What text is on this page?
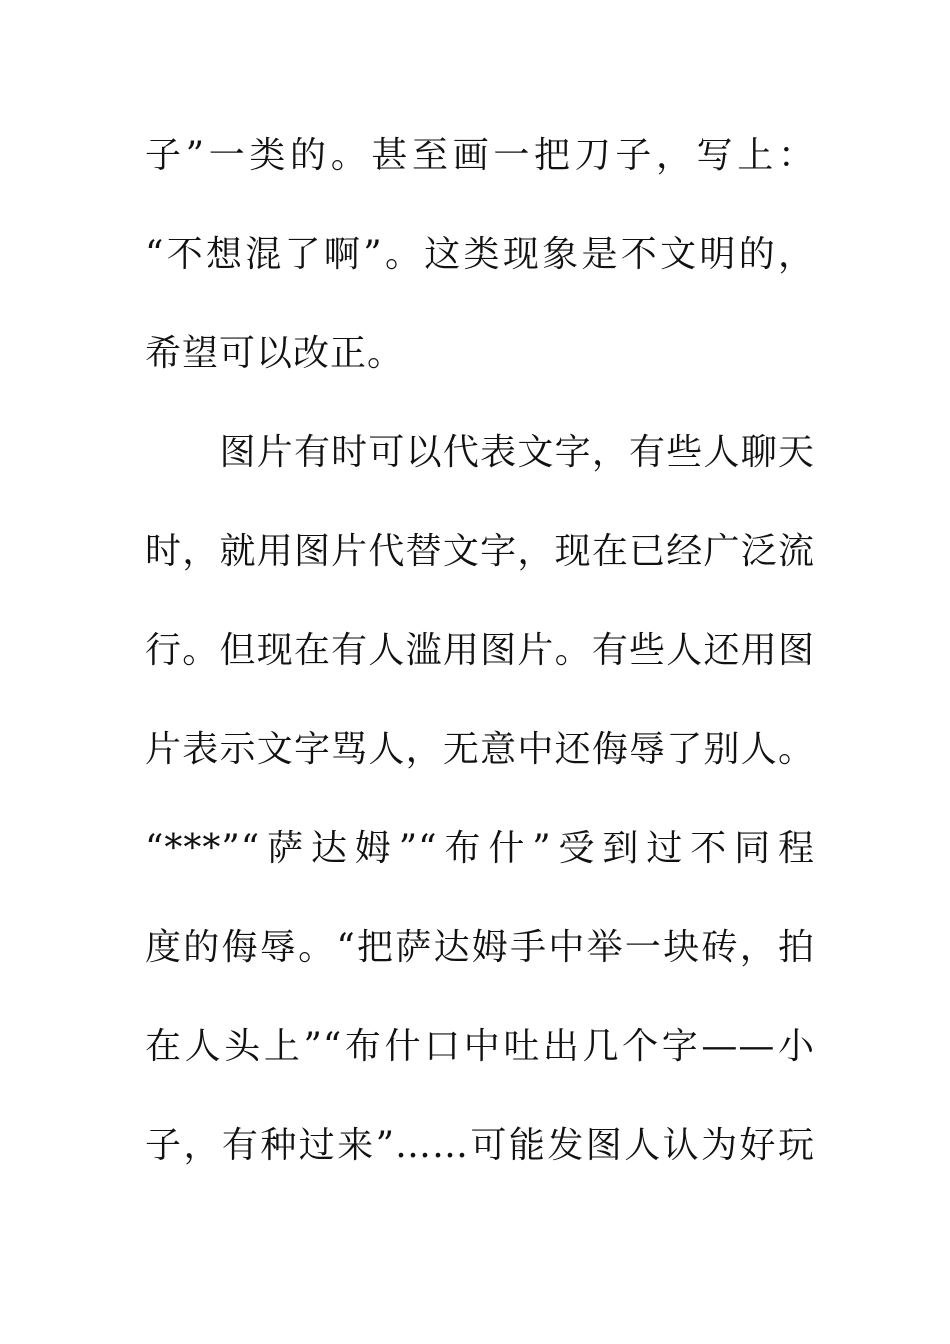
子”一类的。甚至画一把刀子，写上：
“不想混了啊”。这类现象是不文明的，
希望可以改正。
　　图片有时可以代表文字，有些人聊天
时，就用图片代替文字，现在已经广泛流
行。但现在有人滥用图片。有些人还用图
片表示文字骂人，无意中还侮辱了别人。
“***”“萨达姆”“布什”受到过不同程
度的侮辱。“把萨达姆手中举一块砖，拍
在人头上”“布什口中吐出几个字——小
子，有种过来”……可能发图人认为好玩
